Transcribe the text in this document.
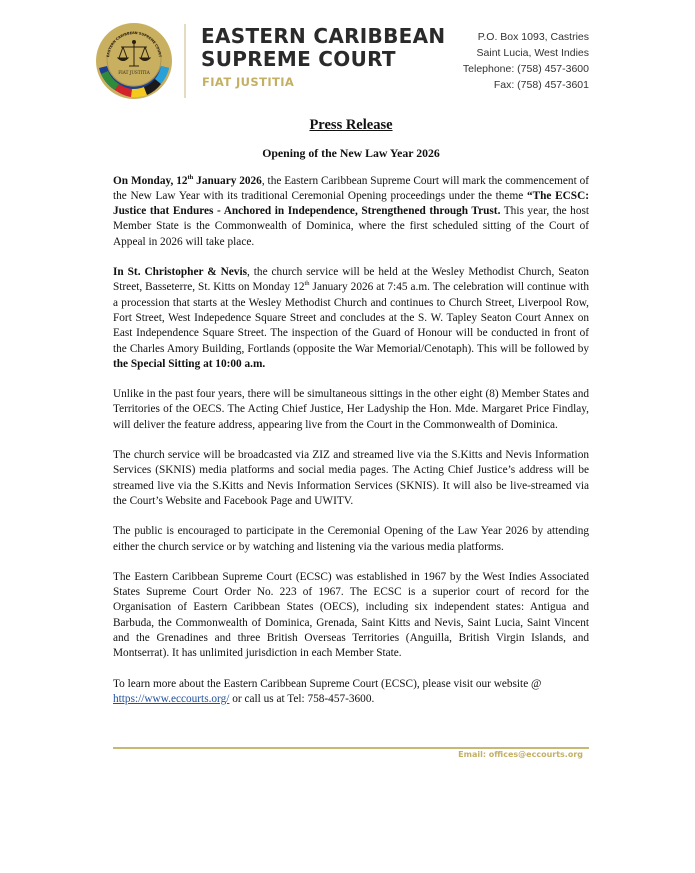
FIAT JUSTITIA
EASTERN CARIBBEAN SUPREME COURT
EASTERN CARIBBEAN
SUPREME COURT
FIAT JUSTITIA
P.O. Box 1093, Castries
Saint Lucia, West Indies
Telephone: (758) 457-3600
Fax: (758) 457-3601
Press Release
Opening of the New Law Year 2026

On Monday, 12th January 2026, the Eastern Caribbean Supreme Court will mark the commencement of the New Law Year with its traditional Ceremonial Opening proceedings under the theme “The ECSC: Justice that Endures - Anchored in Independence, Strengthened through Trust. This year, the host Member State is the Commonwealth of Dominica, where the first scheduled sitting of the Court of Appeal in 2026 will take place.

In St. Christopher & Nevis, the church service will be held at the Wesley Methodist Church, Seaton Street, Basseterre, St. Kitts on Monday 12th January 2026 at 7:45 a.m. The celebration will continue with a procession that starts at the Wesley Methodist Church and continues to Church Street, Liverpool Row, Fort Street, West Indepedence Square Street and concludes at the S. W. Tapley Seaton Court Annex on East Independence Square Street. The inspection of the Guard of Honour will be conducted in front of the Charles Amory Building, Fortlands (opposite the War Memorial/Cenotaph). This will be followed by the Special Sitting at 10:00 a.m.

Unlike in the past four years, there will be simultaneous sittings in the other eight (8) Member States and Territories of the OECS. The Acting Chief Justice, Her Ladyship the Hon. Mde. Margaret Price Findlay, will deliver the feature address, appearing live from the Court in the Commonwealth of Dominica.

The church service will be broadcasted via ZIZ and streamed live via the S.Kitts and Nevis Information Services (SKNIS) media platforms and social media pages. The Acting Chief Justice’s address will be streamed live via the S.Kitts and Nevis Information Services (SKNIS). It will also be live-streamed via the Court’s Website and Facebook Page and UWITV.

The public is encouraged to participate in the Ceremonial Opening of the Law Year 2026 by attending either the church service or by watching and listening via the various media platforms.

The Eastern Caribbean Supreme Court (ECSC) was established in 1967 by the West Indies Associated States Supreme Court Order No. 223 of 1967. The ECSC is a superior court of record for the Organisation of Eastern Caribbean States (OECS), including six independent states: Antigua and Barbuda, the Commonwealth of Dominica, Grenada, Saint Kitts and Nevis, Saint Lucia, Saint Vincent and the Grenadines and three British Overseas Territories (Anguilla, British Virgin Islands, and Montserrat). It has unlimited jurisdiction in each Member State.

To learn more about the Eastern Caribbean Supreme Court (ECSC), please visit our website @ https://www.eccourts.org/ or call us at Tel: 758-457-3600.

Email: offices@eccourts.org
